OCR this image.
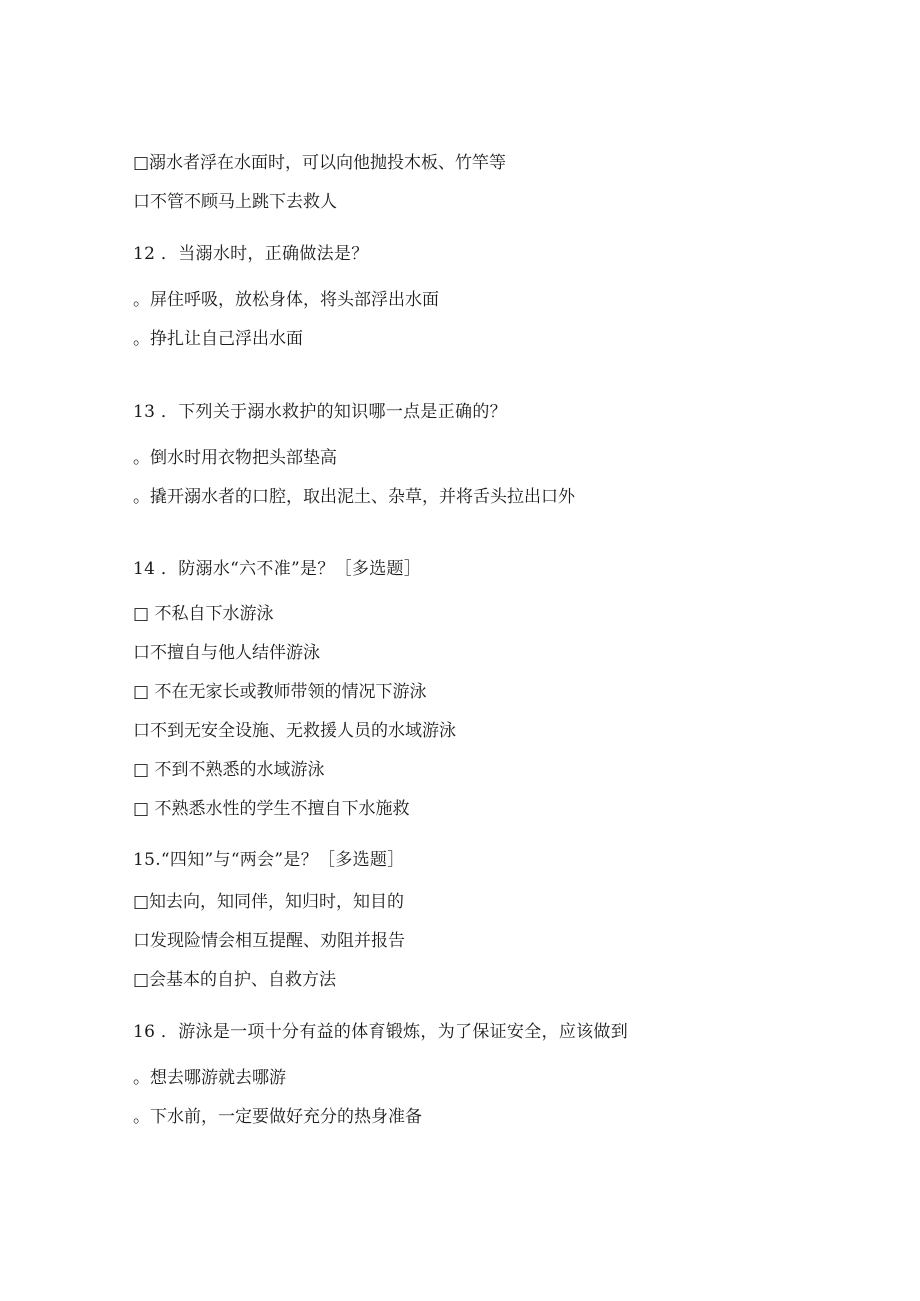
□溺水者浮在水面时，可以向他抛投木板、竹竿等
口不管不顾马上跳下去救人
12 ．当溺水时，正确做法是？
。屏住呼吸，放松身体，将头部浮出水面
。挣扎让自己浮出水面
13 ．下列关于溺水救护的知识哪一点是正确的？
。倒水时用衣物把头部垫高
。撬开溺水者的口腔，取出泥土、杂草，并将舌头拉出口外
14 ．防溺水“六不准”是？［多选题］
□ 不私自下水游泳
口不擅自与他人结伴游泳
□ 不在无家长或教师带领的情况下游泳
口不到无安全设施、无救援人员的水域游泳
□ 不到不熟悉的水域游泳
□ 不熟悉水性的学生不擅自下水施救
15.“四知”与“两会”是？［多选题］
□知去向，知同伴，知归时，知目的
口发现险情会相互提醒、劝阻并报告
□会基本的自护、自救方法
16 ．游泳是一项十分有益的体育锻炼，为了保证安全，应该做到
。想去哪游就去哪游
。下水前，一定要做好充分的热身准备
